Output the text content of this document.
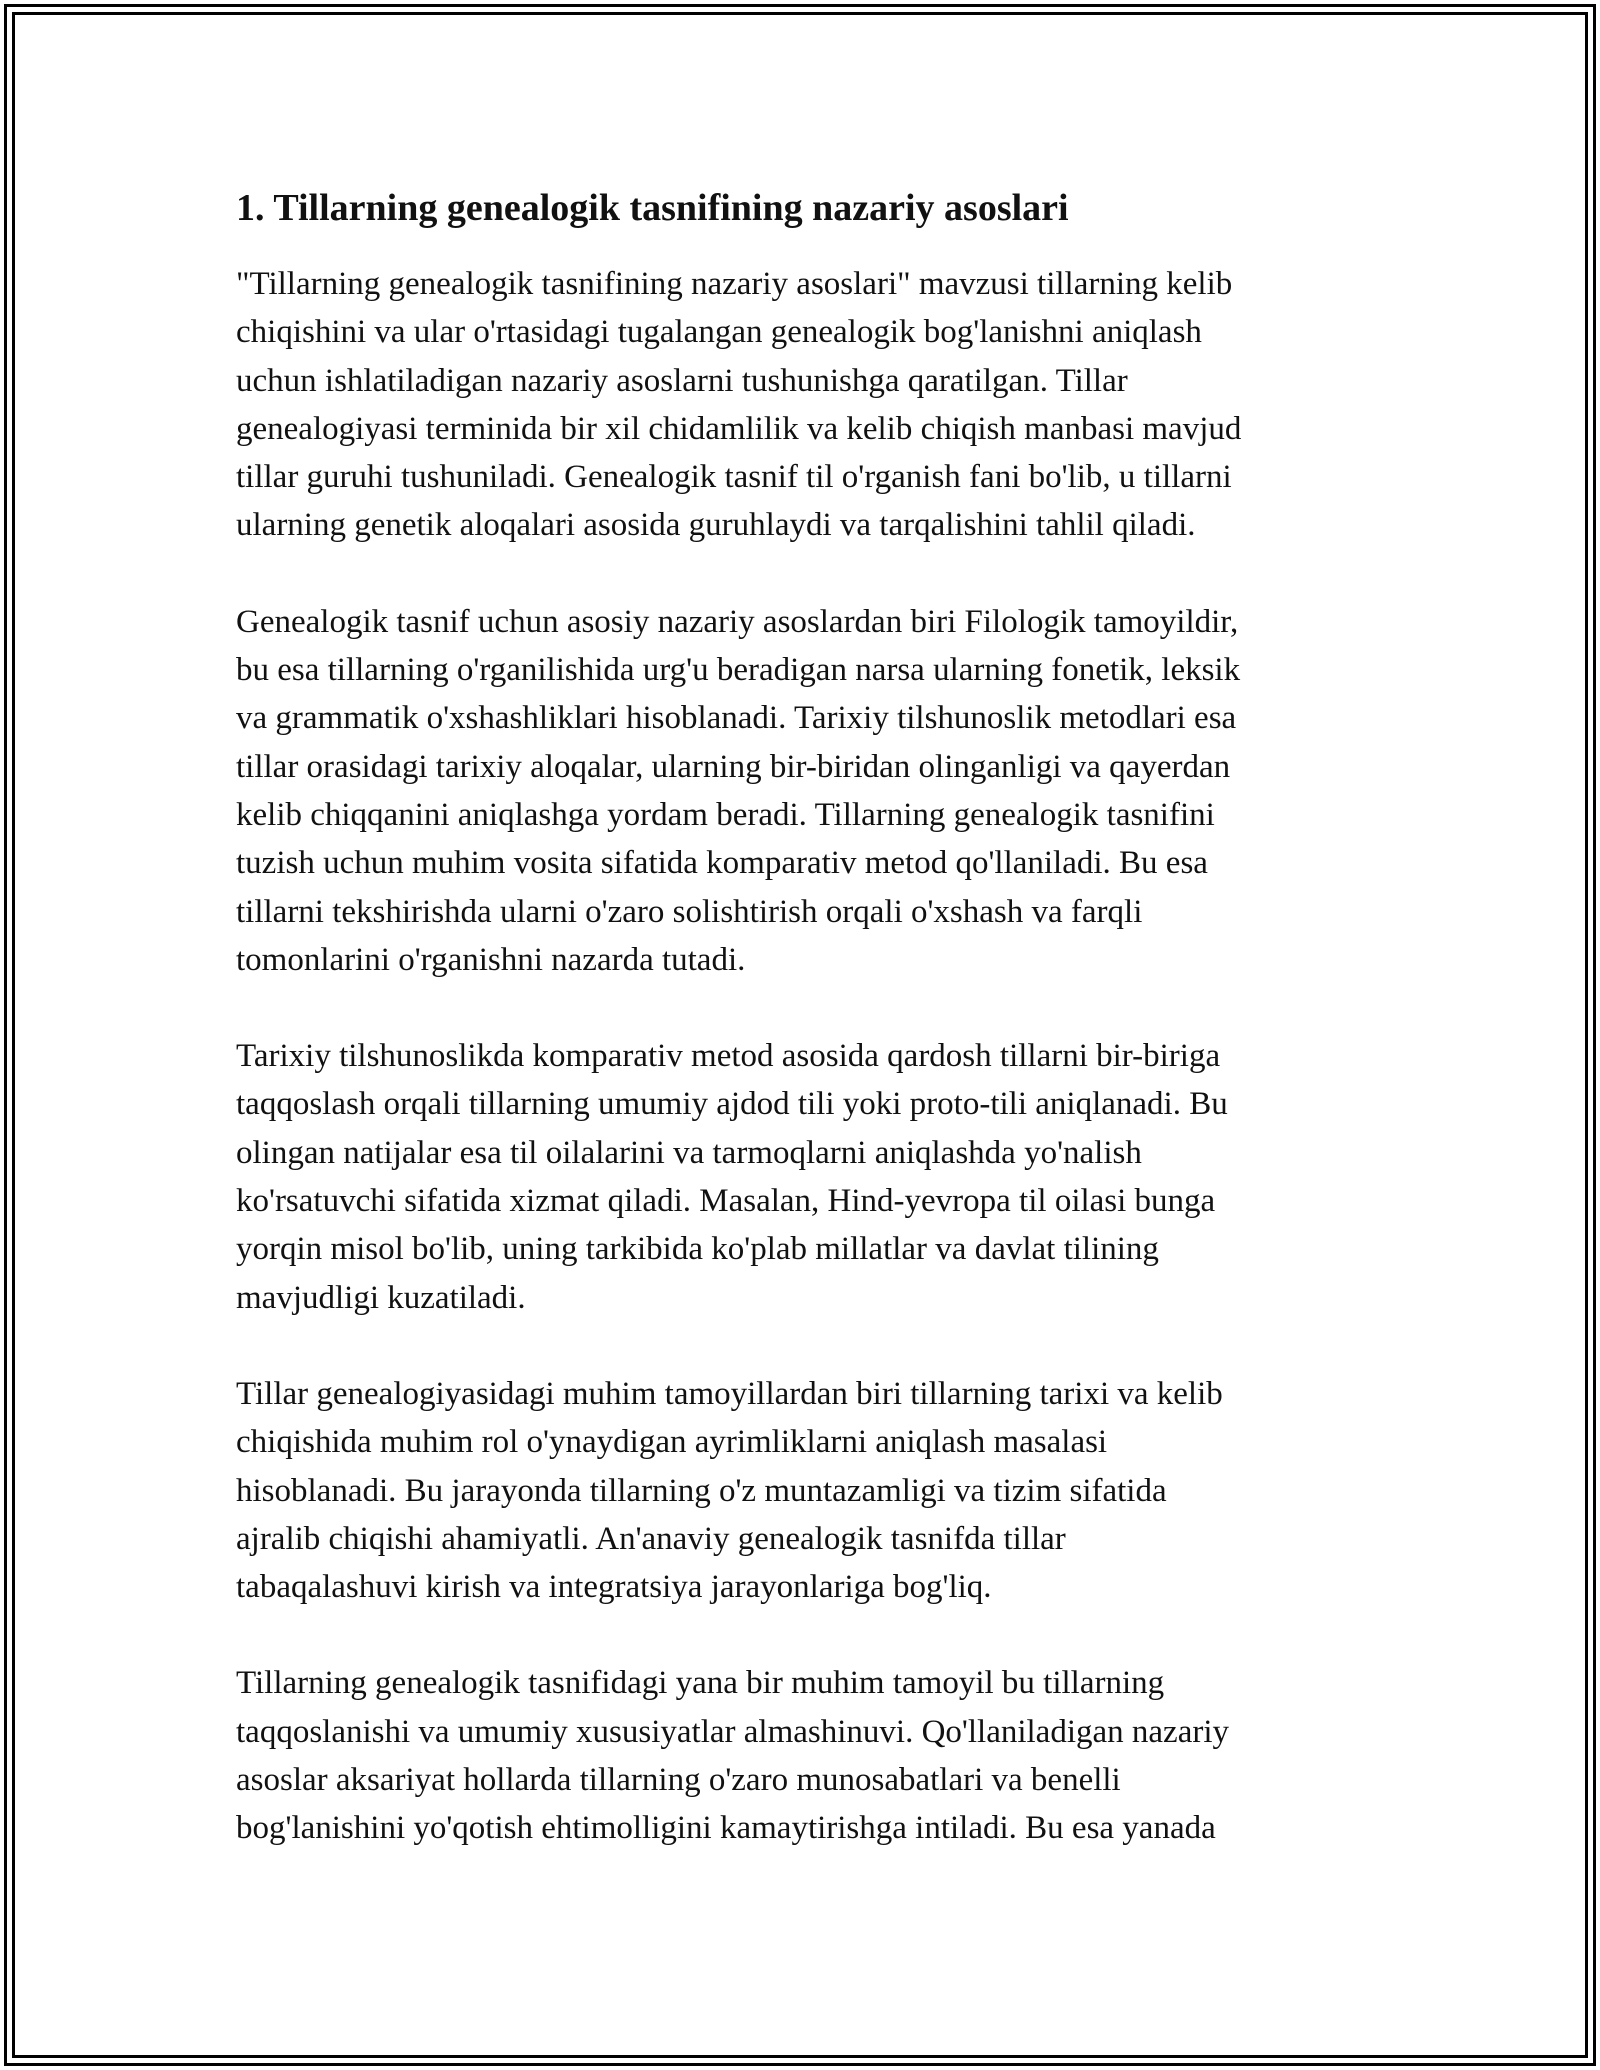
1. Tillarning genealogik tasnifining nazariy asoslari

"Tillarning genealogik tasnifining nazariy asoslari" mavzusi tillarning kelib
chiqishini va ular o'rtasidagi tugalangan genealogik bog'lanishni aniqlash
uchun ishlatiladigan nazariy asoslarni tushunishga qaratilgan. Tillar
genealogiyasi terminida bir xil chidamlilik va kelib chiqish manbasi mavjud
tillar guruhi tushuniladi. Genealogik tasnif til o'rganish fani bo'lib, u tillarni
ularning genetik aloqalari asosida guruhlaydi va tarqalishini tahlil qiladi.

Genealogik tasnif uchun asosiy nazariy asoslardan biri Filologik tamoyildir,
bu esa tillarning o'rganilishida urg'u beradigan narsa ularning fonetik, leksik
va grammatik o'xshashliklari hisoblanadi. Tarixiy tilshunoslik metodlari esa
tillar orasidagi tarixiy aloqalar, ularning bir-biridan olinganligi va qayerdan
kelib chiqqanini aniqlashga yordam beradi. Tillarning genealogik tasnifini
tuzish uchun muhim vosita sifatida komparativ metod qo'llaniladi. Bu esa
tillarni tekshirishda ularni o'zaro solishtirish orqali o'xshash va farqli
tomonlarini o'rganishni nazarda tutadi.

Tarixiy tilshunoslikda komparativ metod asosida qardosh tillarni bir-biriga
taqqoslash orqali tillarning umumiy ajdod tili yoki proto-tili aniqlanadi. Bu
olingan natijalar esa til oilalarini va tarmoqlarni aniqlashda yo'nalish
ko'rsatuvchi sifatida xizmat qiladi. Masalan, Hind-yevropa til oilasi bunga
yorqin misol bo'lib, uning tarkibida ko'plab millatlar va davlat tilining
mavjudligi kuzatiladi.

Tillar genealogiyasidagi muhim tamoyillardan biri tillarning tarixi va kelib
chiqishida muhim rol o'ynaydigan ayrimliklarni aniqlash masalasi
hisoblanadi. Bu jarayonda tillarning o'z muntazamligi va tizim sifatida
ajralib chiqishi ahamiyatli. An'anaviy genealogik tasnifda tillar
tabaqalashuvi kirish va integratsiya jarayonlariga bog'liq.

Tillarning genealogik tasnifidagi yana bir muhim tamoyil bu tillarning
taqqoslanishi va umumiy xususiyatlar almashinuvi. Qo'llaniladigan nazariy
asoslar aksariyat hollarda tillarning o'zaro munosabatlari va benelli
bog'lanishini yo'qotish ehtimolligini kamaytirishga intiladi. Bu esa yanada
